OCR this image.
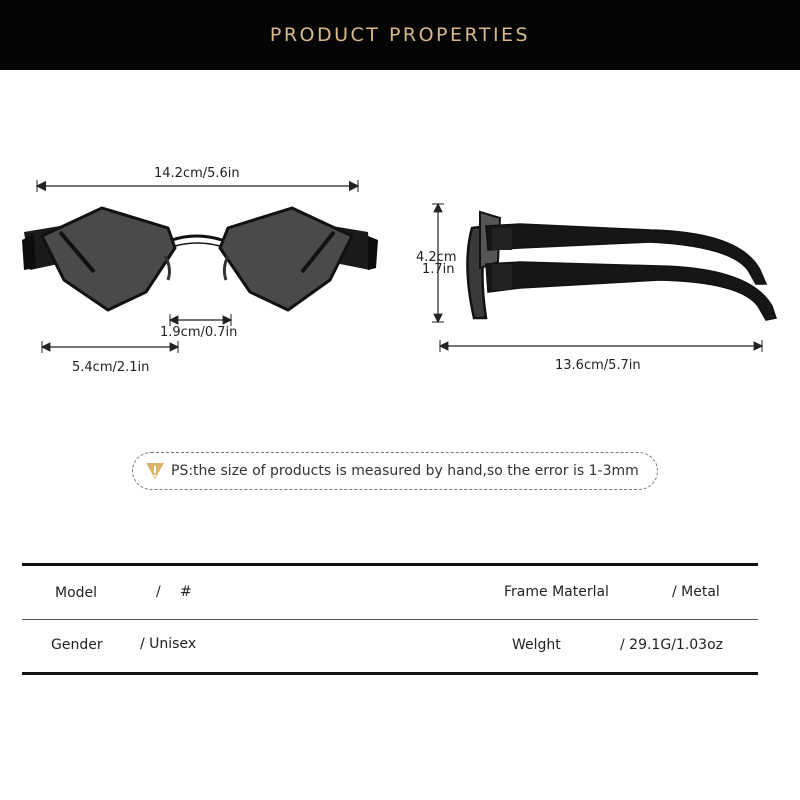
PRODUCT PROPERTIES
14.2cm/5.6in
1.9cm/0.7in
5.4cm/2.1in
4.2cm
1.7in
13.6cm/5.7in
PS:the size of products is measured by hand,so the error is 1-3mm
Model	/ #	Frame Materlal	/ Metal
Gender	/ Unisex	Welght	/ 29.1G/1.03oz
